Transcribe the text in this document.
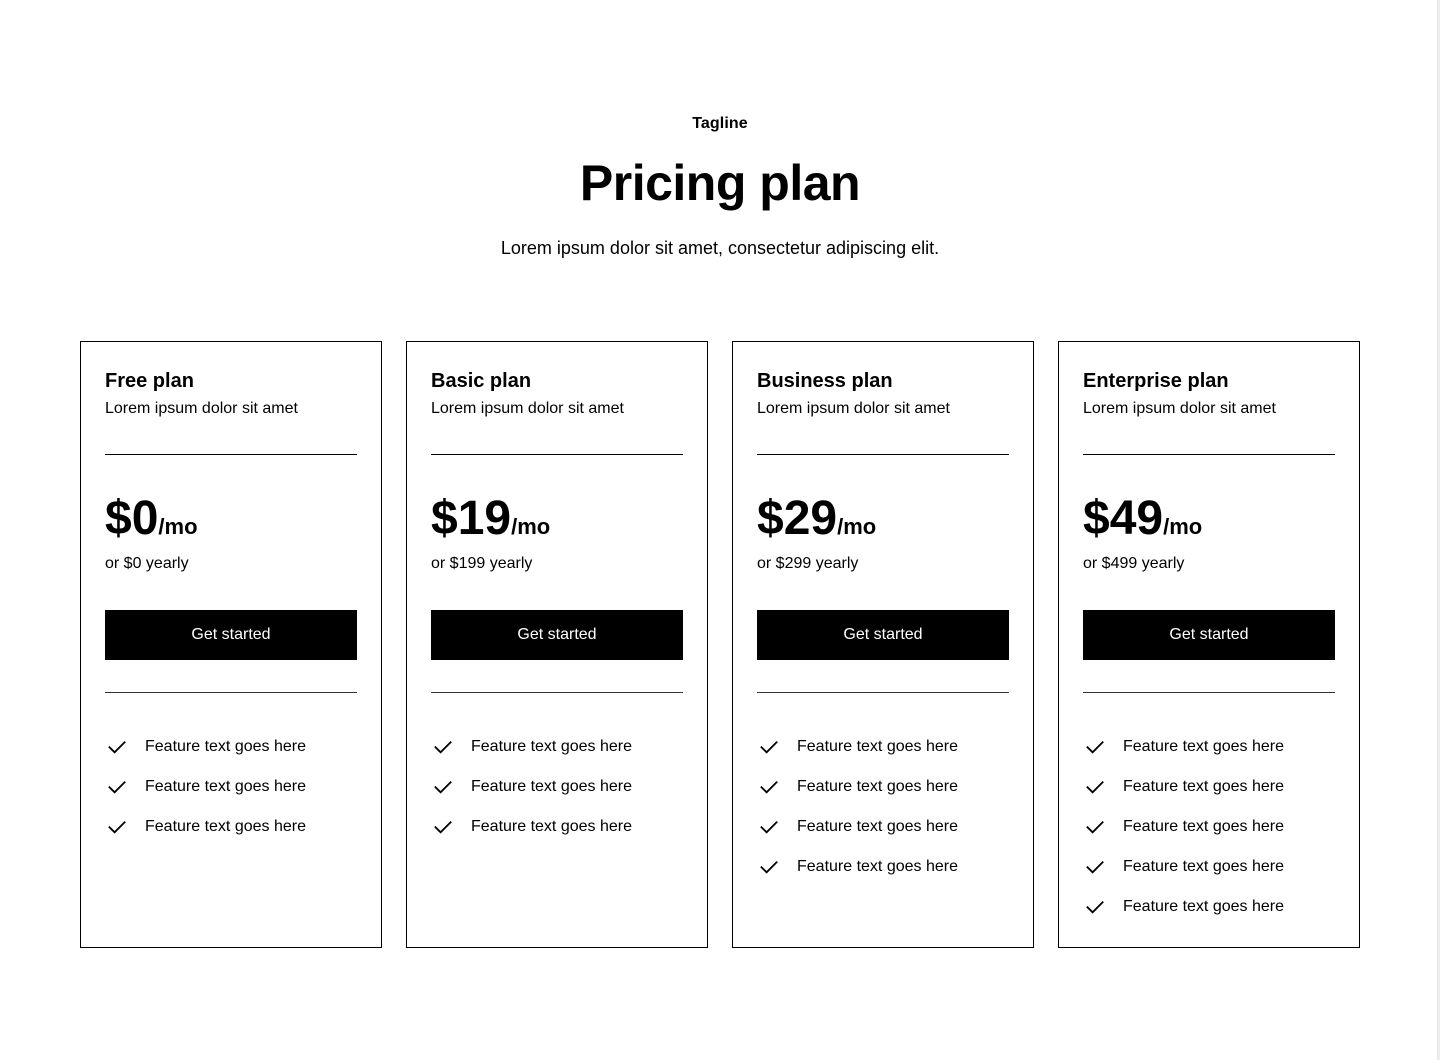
Tagline
Pricing plan

Lorem ipsum dolor sit amet, consectetur adipiscing elit.

Free plan
Lorem ipsum dolor sit amet
$0 /mo
or $0 yearly
Get started
Feature text goes here
Feature text goes here
Feature text goes here
Basic plan
Lorem ipsum dolor sit amet
$19 /mo
or $199 yearly
Get started
Feature text goes here
Feature text goes here
Feature text goes here
Business plan
Lorem ipsum dolor sit amet
$29 /mo
or $299 yearly
Get started
Feature text goes here
Feature text goes here
Feature text goes here
Feature text goes here
Enterprise plan
Lorem ipsum dolor sit amet
$49 /mo
or $499 yearly
Get started
Feature text goes here
Feature text goes here
Feature text goes here
Feature text goes here
Feature text goes here
